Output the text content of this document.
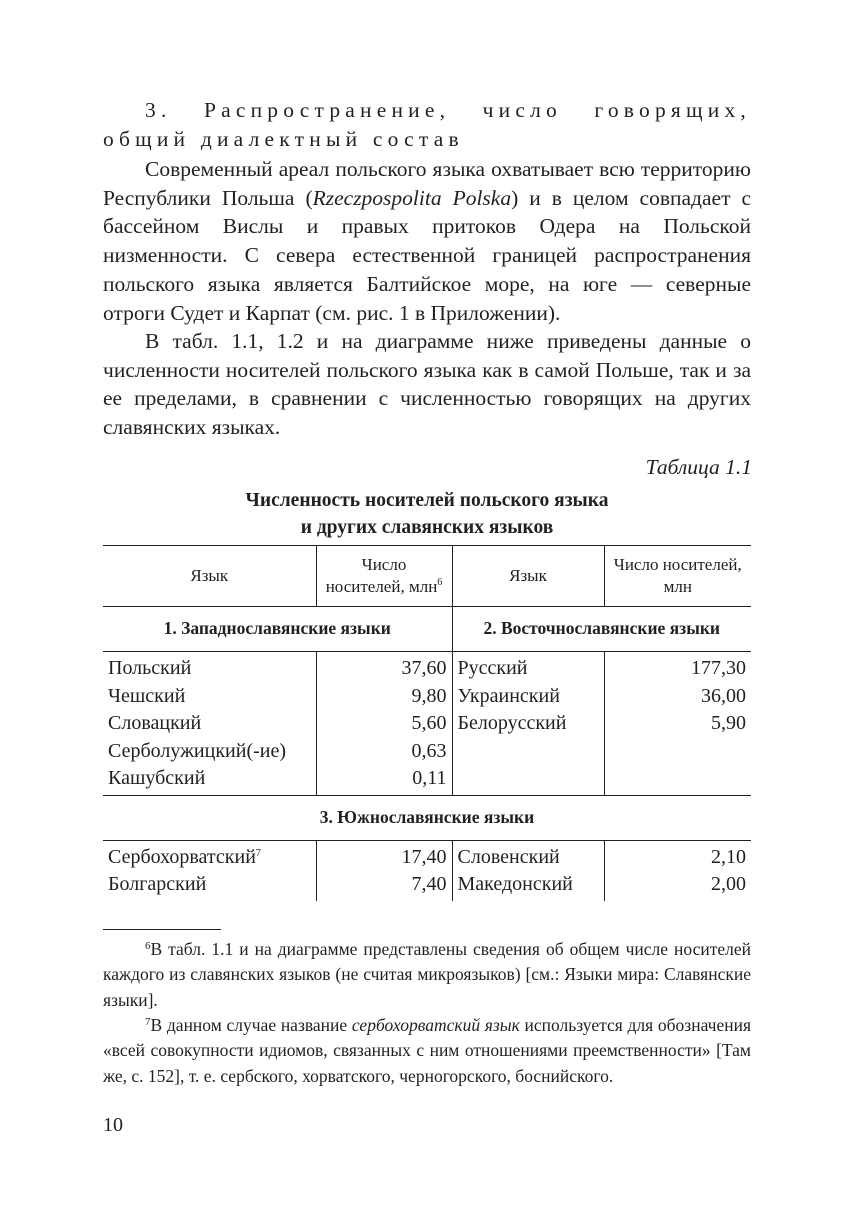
3. Распространение, число говорящих, общий диалектный состав

Современный ареал польского языка охватывает всю территорию Республики Польша (Rzeczpospolita Polska) и в целом совпадает с бассейном Вислы и правых притоков Одера на Польской низменности. С севера естественной границей распространения польского языка является Балтийское море, на юге — северные отроги Судет и Карпат (см. рис. 1 в Приложении).

В табл. 1.1, 1.2 и на диаграмме ниже приведены данные о численности носителей польского языка как в самой Польше, так и за ее пределами, в сравнении с численностью говорящих на других славянских языках.

Таблица 1.1
Численность носителей польского языка
и других славянских языков
Язык	Число носителей, млн$^6$	Язык	Число носителей, млн
1. Западнославянские языки		2. Восточнославянские языки	
Польский	37,60	Русский	177,30
Чешский	9,80	Украинский	36,00
Словацкий	5,60	Белорусский	5,90
Серболужицкий(-ие)	0,63		
Кашубский	0,11		
3. Южнославянские языки			
Сербохорватский$^7$	17,40	Словенский	2,10
Болгарский	7,40	Македонский	2,00

$^6$В табл. 1.1 и на диаграмме представлены сведения об общем числе носителей каждого из славянских языков (не считая микроязыков) [см.: Языки мира: Славянские языки].

$^7$В данном случае название сербохорватский язык используется для обозначения «всей совокупности идиомов, связанных с ним отношениями преемственности» [Там же, с. 152], т. е. сербского, хорватского, черногорского, боснийского.

10
